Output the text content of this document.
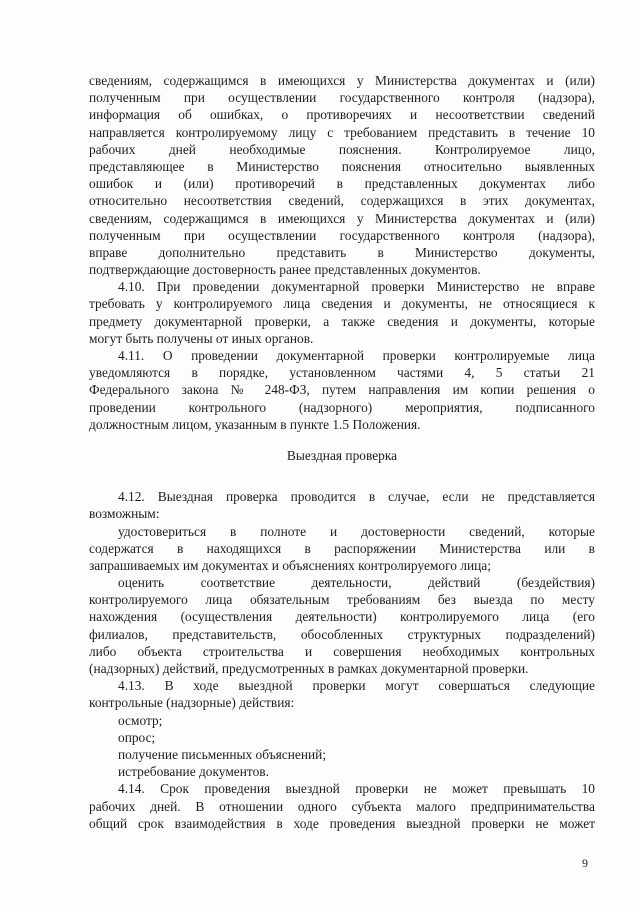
сведениям, содержащимся в имеющихся у Министерства документах и (или)
полученным при осуществлении государственного контроля (надзора),
информация об ошибках, о противоречиях и несоответствии сведений
направляется контролируемому лицу с требованием представить в течение 10
рабочих дней необходимые пояснения. Контролируемое лицо,
представляющее в Министерство пояснения относительно выявленных
ошибок и (или) противоречий в представленных документах либо
относительно несоответствия сведений, содержащихся в этих документах,
сведениям, содержащимся в имеющихся у Министерства документах и (или)
полученным при осуществлении государственного контроля (надзора),
вправе дополнительно представить в Министерство документы,
подтверждающие достоверность ранее представленных документов.
4.10. При проведении документарной проверки Министерство не вправе
требовать у контролируемого лица сведения и документы, не относящиеся к
предмету документарной проверки, а также сведения и документы, которые
могут быть получены от иных органов.
4.11. О проведении документарной проверки контролируемые лица
уведомляются в порядке, установленном частями 4, 5 статьи 21
Федерального закона № 248-ФЗ, путем направления им копии решения о
проведении контрольного (надзорного) мероприятия, подписанного
должностным лицом, указанным в пункте 1.5 Положения.
Выездная проверка
4.12. Выездная проверка проводится в случае, если не представляется
возможным:
удостовериться в полноте и достоверности сведений, которые
содержатся в находящихся в распоряжении Министерства или в
запрашиваемых им документах и объяснениях контролируемого лица;
оценить соответствие деятельности, действий (бездействия)
контролируемого лица обязательным требованиям без выезда по месту
нахождения (осуществления деятельности) контролируемого лица (его
филиалов, представительств, обособленных структурных подразделений)
либо объекта строительства и совершения необходимых контрольных
(надзорных) действий, предусмотренных в рамках документарной проверки.
4.13. В ходе выездной проверки могут совершаться следующие
контрольные (надзорные) действия:
осмотр;
опрос;
получение письменных объяснений;
истребование документов.
4.14. Срок проведения выездной проверки не может превышать 10
рабочих дней. В отношении одного субъекта малого предпринимательства
общий срок взаимодействия в ходе проведения выездной проверки не может
9
